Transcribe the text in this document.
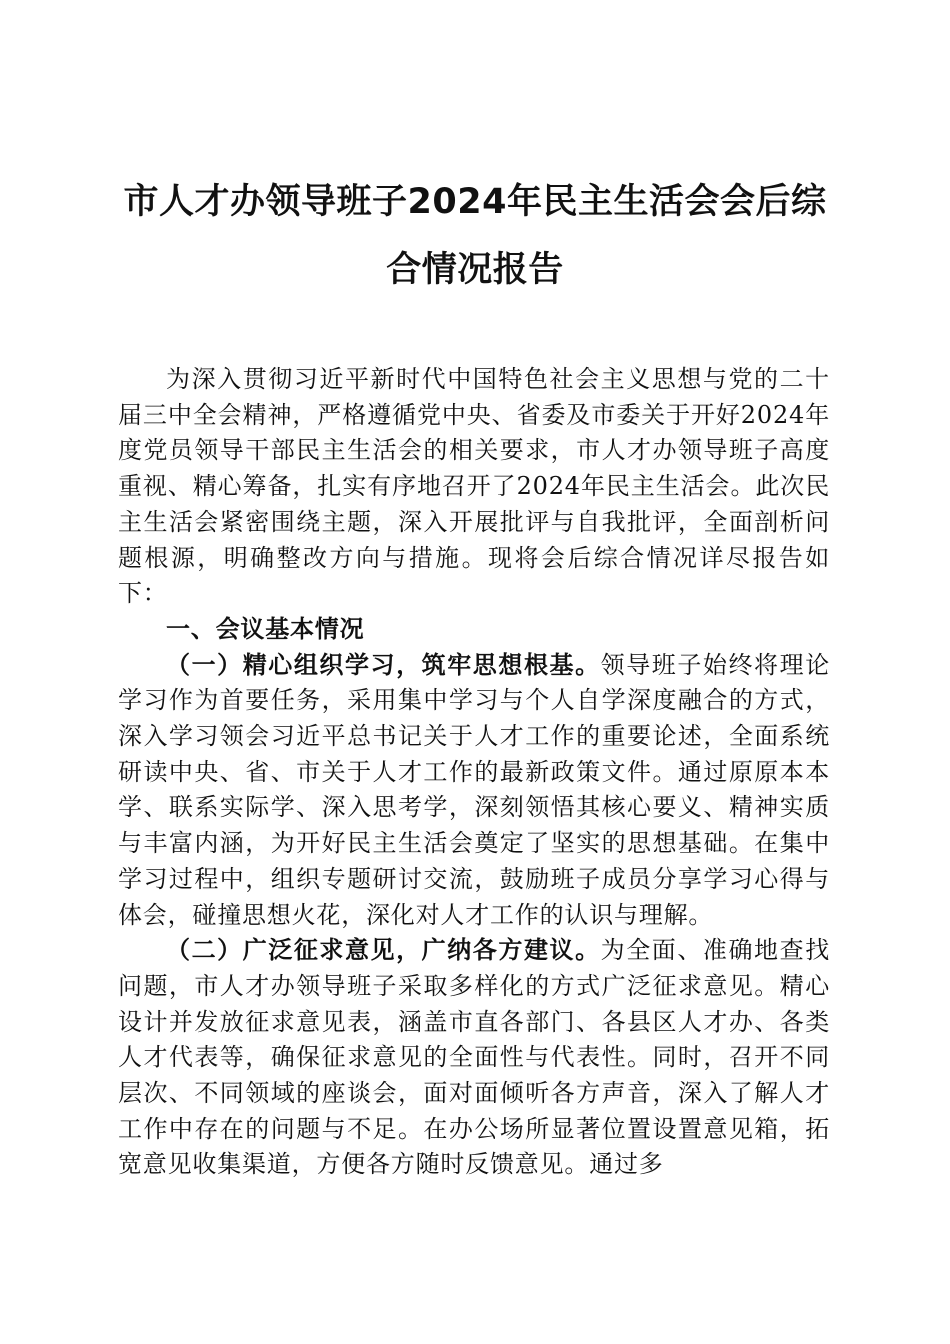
市人才办领导班子2024年民主生活会会后综
合情况报告

为深入贯彻习近平新时代中国特色社会主义思想与党的二十届三中全会精神，严格遵循党中央、省委及市委关于开好2024年度党员领导干部民主生活会的相关要求，市人才办领导班子高度重视、精心筹备，扎实有序地召开了2024年民主生活会。此次民主生活会紧密围绕主题，深入开展批评与自我批评，全面剖析问题根源，明确整改方向与措施。现将会后综合情况详尽报告如下：

一、会议基本情况

（一）精心组织学习，筑牢思想根基。领导班子始终将理论学习作为首要任务，采用集中学习与个人自学深度融合的方式，深入学习领会习近平总书记关于人才工作的重要论述，全面系统研读中央、省、市关于人才工作的最新政策文件。通过原原本本学、联系实际学、深入思考学，深刻领悟其核心要义、精神实质与丰富内涵，为开好民主生活会奠定了坚实的思想基础。在集中学习过程中，组织专题研讨交流，鼓励班子成员分享学习心得与体会，碰撞思想火花，深化对人才工作的认识与理解。

（二）广泛征求意见，广纳各方建议。为全面、准确地查找问题，市人才办领导班子采取多样化的方式广泛征求意见。精心设计并发放征求意见表，涵盖市直各部门、各县区人才办、各类人才代表等，确保征求意见的全面性与代表性。同时，召开不同层次、不同领域的座谈会，面对面倾听各方声音，深入了解人才工作中存在的问题与不足。在办公场所显著位置设置意见箱，拓宽意见收集渠道，方便各方随时反馈意见。通过多
